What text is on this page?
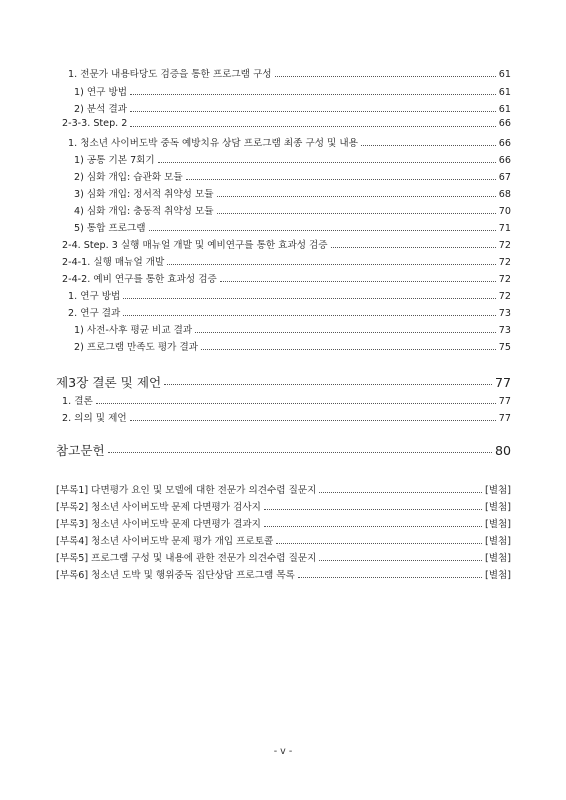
1. 전문가 내용타당도 검증을 통한 프로그램 구성	61
1) 연구 방법	61
2) 분석 결과	61
2-3-3. Step. 2	66
1. 청소년 사이버도박 중독 예방치유 상담 프로그램 최종 구성 및 내용	66
1) 공통 기본 7회기	66
2) 심화 개입: 습관화 모듈	67
3) 심화 개입: 정서적 취약성 모듈	68
4) 심화 개입: 충동적 취약성 모듈	70
5) 통합 프로그램	71
2-4. Step. 3 실행 매뉴얼 개발 및 예비연구를 통한 효과성 검증	72
2-4-1. 실행 매뉴얼 개발	72
2-4-2. 예비 연구를 통한 효과성 검증	72
1. 연구 방법	72
2. 연구 결과	73
1) 사전-사후 평균 비교 결과	73
2) 프로그램 만족도 평가 결과	75
제3장 결론 및 제언	77
1. 결론	77
2. 의의 및 제언	77
참고문헌	80
[부록1] 다면평가 요인 및 모델에 대한 전문가 의견수렴 질문지	[별첨]
[부록2] 청소년 사이버도박 문제 다면평가 검사지	[별첨]
[부록3] 청소년 사이버도박 문제 다면평가 결과지	[별첨]
[부록4] 청소년 사이버도박 문제 평가 개입 프로토콜	[별첨]
[부록5] 프로그램 구성 및 내용에 관한 전문가 의견수렴 질문지	[별첨]
[부록6] 청소년 도박 및 행위중독 집단상담 프로그램 목록	[별첨]
- v -
